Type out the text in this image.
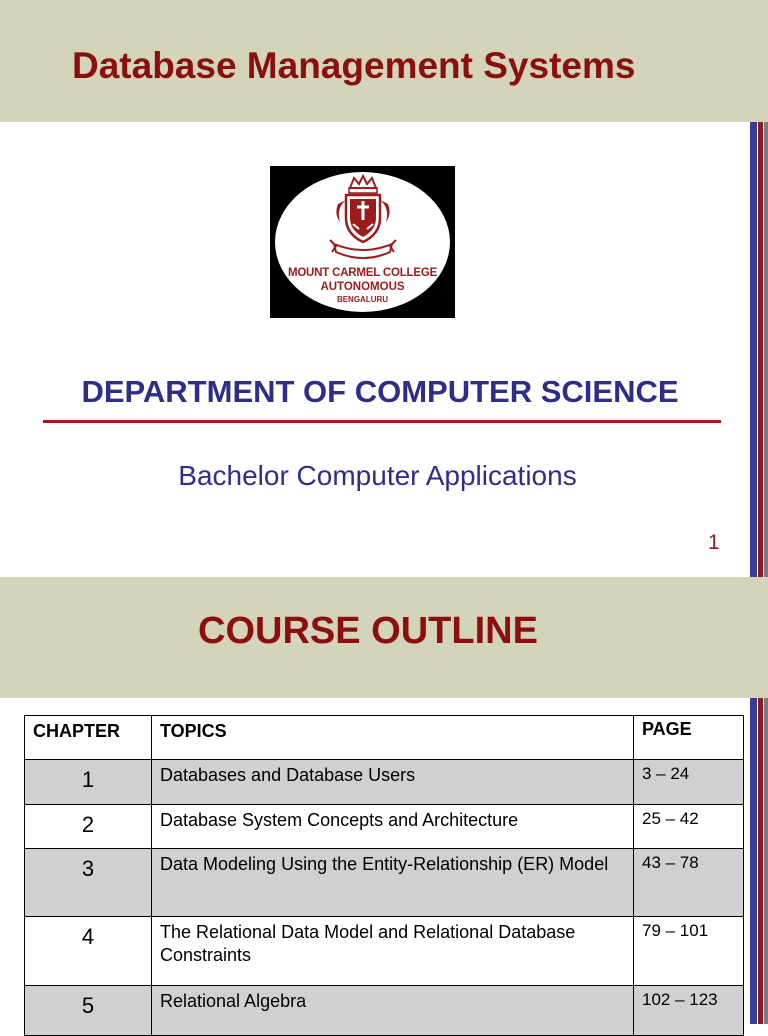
Database Management Systems

MOUNT CARMEL COLLEGE

AUTONOMOUS

BENGALURU

DEPARTMENT OF COMPUTER SCIENCE

Bachelor Computer Applications

1

COURSE OUTLINE
CHAPTER	TOPICS	PAGE
1	Databases and Database Users	3 – 24
2	Database System Concepts and Architecture	25 – 42
3	Data Modeling Using the Entity-Relationship (ER) Model	43 – 78
4	The Relational Data Model and Relational Database Constraints	79 – 101
5	Relational Algebra	102 – 123
